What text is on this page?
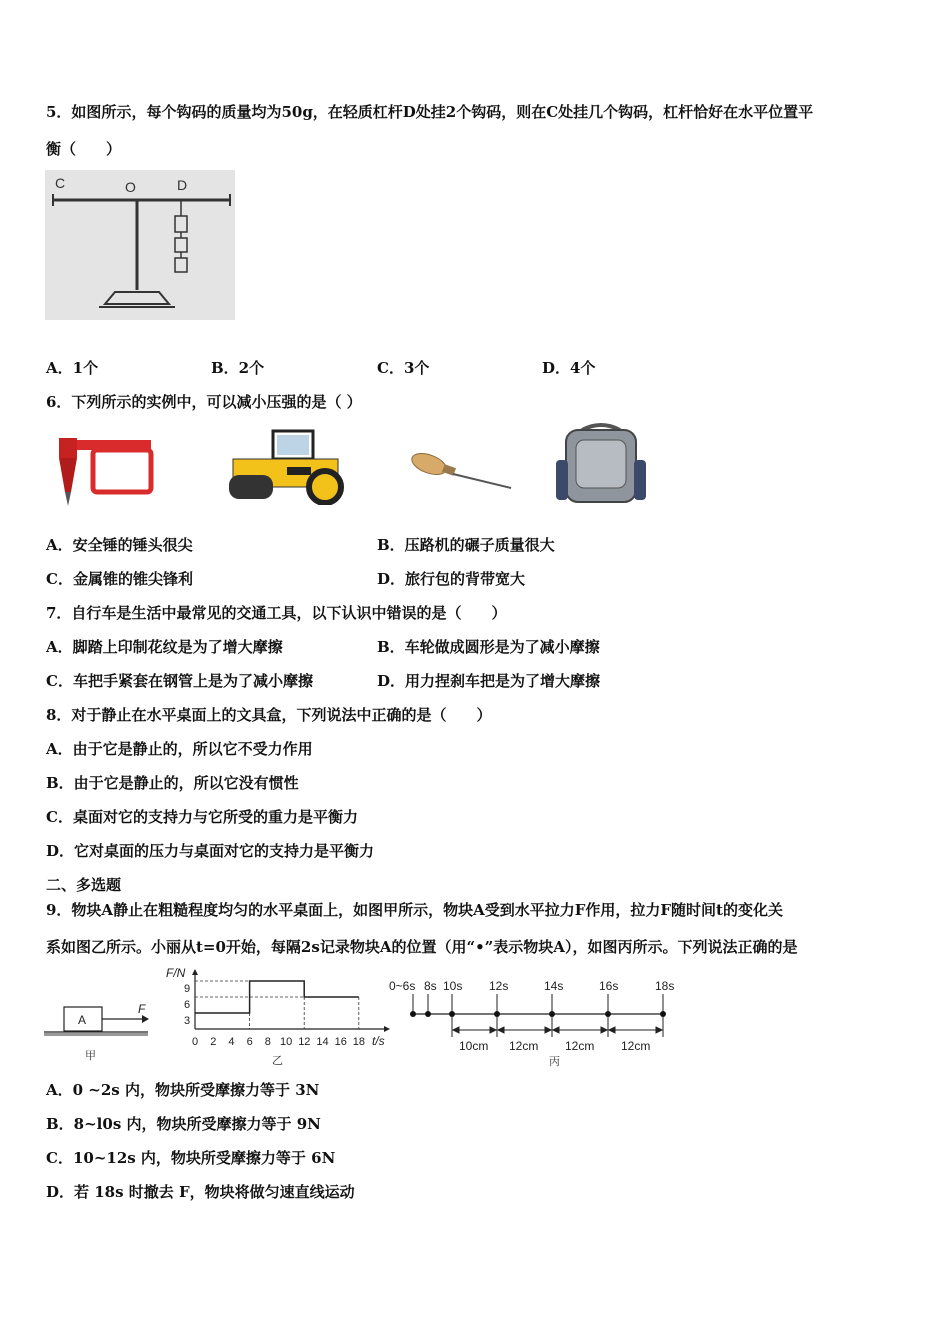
5．如图所示，每个钩码的质量均为50g，在轻质杠杆D处挂2个钩码，则在C处挂几个钩码，杠杆恰好在水平位置平
衡（　　）
C	O	D
A．1个	B．2个	C．3个	D．4个
6．下列所示的实例中，可以减小压强的是（ ）
A．安全锤的锤头很尖	B．压路机的碾子质量很大
C．金属锥的锥尖锋利	D．旅行包的背带宽大
7．自行车是生活中最常见的交通工具，以下认识中错误的是（　　）
A．脚踏上印制花纹是为了增大摩擦	B．车轮做成圆形是为了减小摩擦
C．车把手紧套在钢管上是为了减小摩擦	D．用力捏刹车把是为了增大摩擦
8．对于静止在水平桌面上的文具盒，下列说法中正确的是（　　）
A．由于它是静止的，所以它不受力作用
B．由于它是静止的，所以它没有惯性
C．桌面对它的支持力与它所受的重力是平衡力
D．它对桌面的压力与桌面对它的支持力是平衡力
二、多选题
9．物块A静止在粗糙程度均匀的水平桌面上，如图甲所示，物块A受到水平拉力F作用，拉力F随时间t的变化关
系如图乙所示。小丽从t=0开始，每隔2s记录物块A的位置（用“•”表示物块A），如图丙所示。下列说法正确的是
A
F
甲
F/N
t/s
9
6
3
0 2 4 6 8 10 12 14 16 18
乙
0~6s 8s 10s 12s	14s	16s	18s
10cm 12cm 12cm 12cm
丙
A．0 ~2s 内，物块所受摩擦力等于 3N
B．8~l0s 内，物块所受摩擦力等于 9N
C．10~12s 内，物块所受摩擦力等于 6N
D．若 18s 时撤去 F，物块将做匀速直线运动
